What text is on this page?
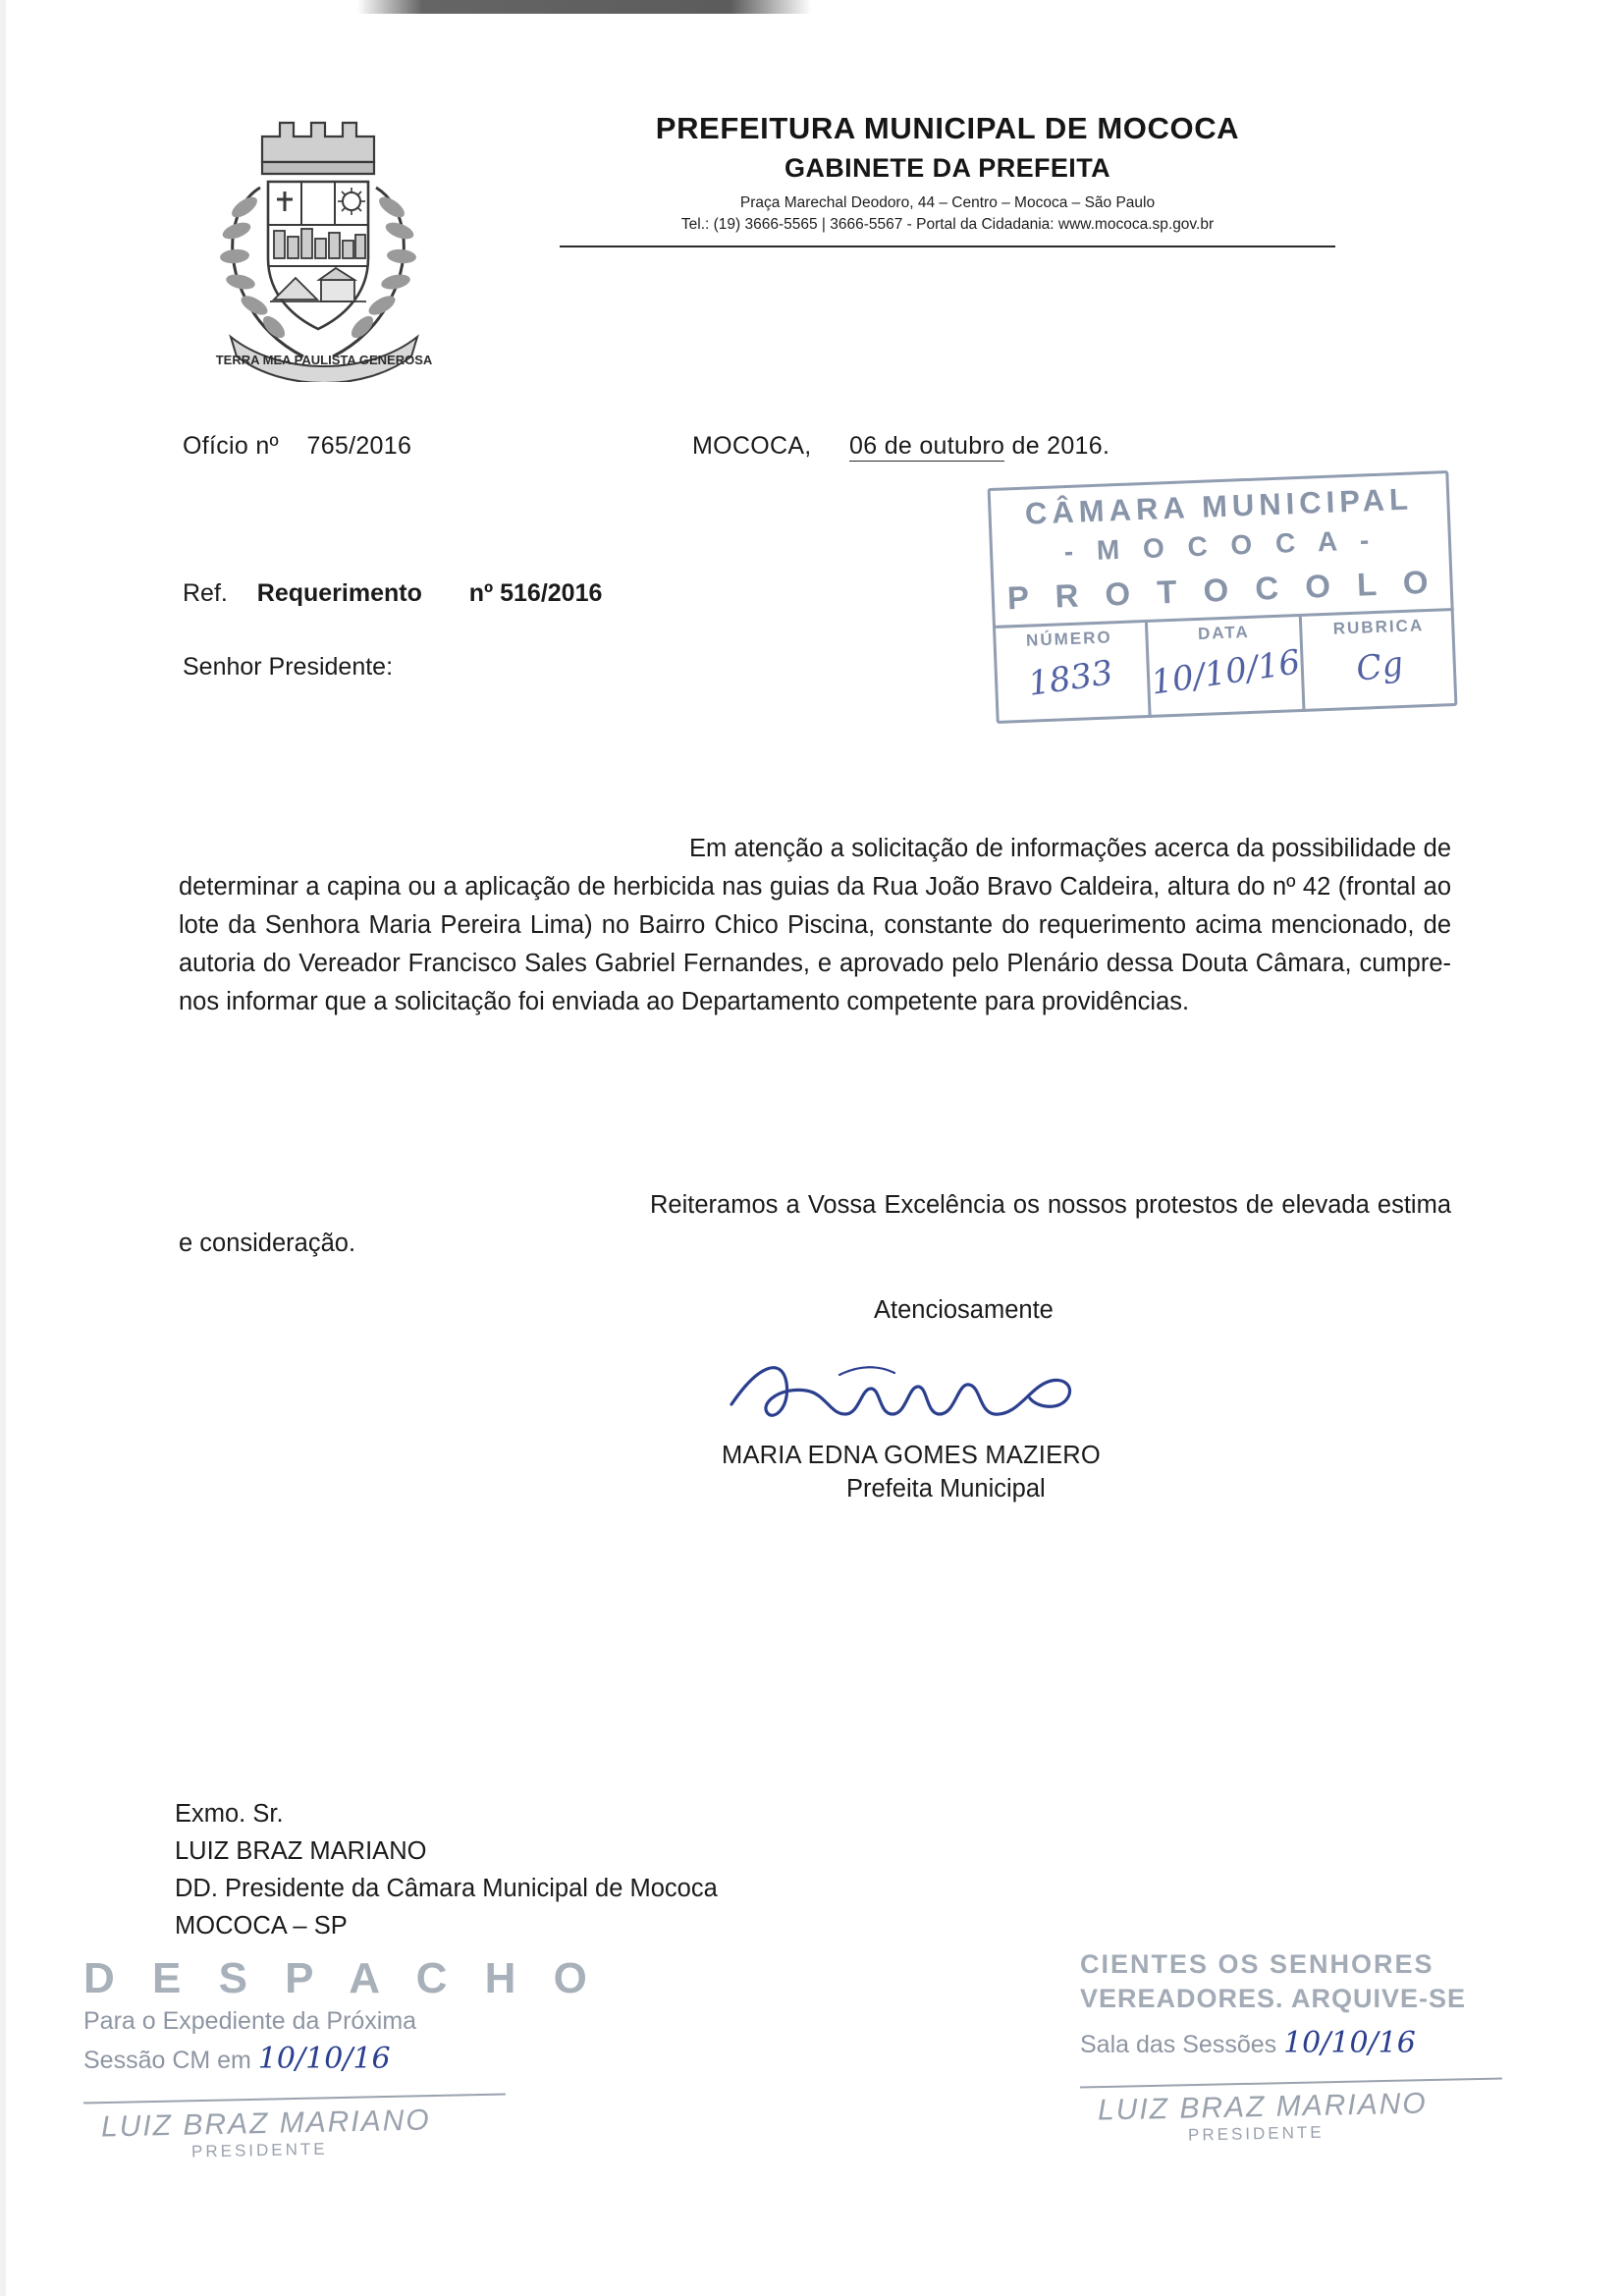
TERRA MEA PAULISTA GENEROSA
PREFEITURA MUNICIPAL DE MOCOCA
GABINETE DA PREFEITA
Praça Marechal Deodoro, 44 – Centro – Mococa – São Paulo
Tel.: (19) 3666-5565 | 3666-5567 - Portal da Cidadania: www.mococa.sp.gov.br
Ofício nº 765/2016	MOCOCA, 06 de outubro de 2016.
Ref. Requerimento nº 516/2016
Senhor Presidente:
CÂMARA MUNICIPAL
- M O C O C A -
P R O T O C O L O
NÚMERO
1833
DATA
10/10/16
RUBRICA
Cg
Em atenção a solicitação de informações acerca da possibilidade de determinar a capina ou a aplicação de herbicida nas guias da Rua João Bravo Caldeira, altura do nº 42 (frontal ao lote da Senhora Maria Pereira Lima) no Bairro Chico Piscina, constante do requerimento acima mencionado, de autoria do Vereador Francisco Sales Gabriel Fernandes, e aprovado pelo Plenário dessa Douta Câmara, cumpre-nos informar que a solicitação foi enviada ao Departamento competente para providências.
Reiteramos a Vossa Excelência os nossos protestos de elevada estima e consideração.
Atenciosamente
MARIA EDNA GOMES MAZIERO
Prefeita Municipal
Exmo. Sr.
LUIZ BRAZ MARIANO
DD. Presidente da Câmara Municipal de Mococa
MOCOCA – SP
D E S P A C H O
Para o Expediente da Próxima
Sessão CM em 10/10/16
LUIZ BRAZ MARIANO
PRESIDENTE
CIENTES OS SENHORES
VEREADORES. ARQUIVE-SE
Sala das Sessões 10/10/16
LUIZ BRAZ MARIANO
PRESIDENTE
